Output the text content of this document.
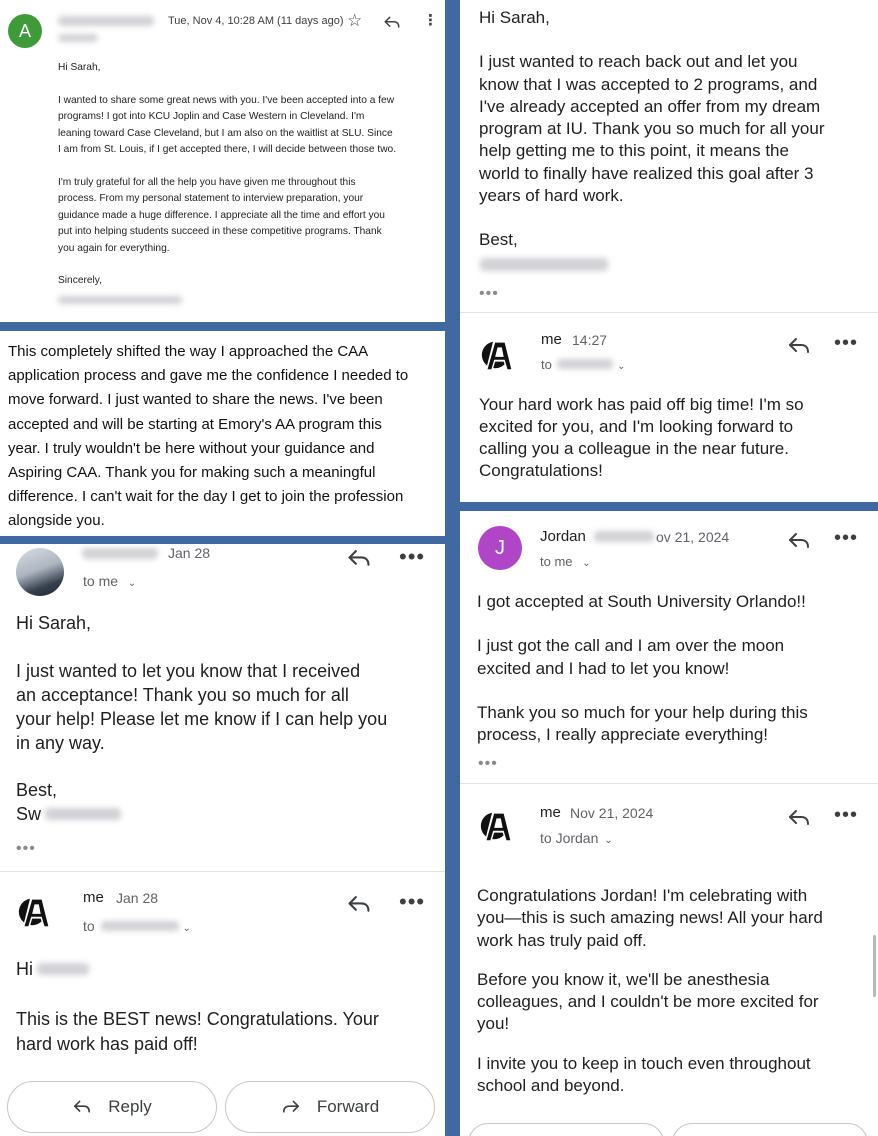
A	Tue, Nov 4, 10:28 AM (11 days ago) ☆	⋮

Hi Sarah,

I wanted to share some great news with you. I've been accepted into a few

programs! I got into KCU Joplin and Case Western in Cleveland. I'm

leaning toward Case Cleveland, but I am also on the waitlist at SLU. Since

I am from St. Louis, if I get accepted there, I will decide between those two.

I'm truly grateful for all the help you have given me throughout this

process. From my personal statement to interview preparation, your

guidance made a huge difference. I appreciate all the time and effort you

put into helping students succeed in these competitive programs. Thank

you again for everything.

Sincerely,

This completely shifted the way I approached the CAA

application process and gave me the confidence I needed to

move forward. I just wanted to share the news. I've been

accepted and will be starting at Emory's AA program this

year. I truly wouldn't be here without your guidance and

Aspiring CAA. Thank you for making such a meaningful

difference. I can't wait for the day I get to join the profession

alongside you.

Jan 28
to me ⌄
•••

Hi Sarah,

I just wanted to let you know that I received

an acceptance! Thank you so much for all

your help! Please let me know if I can help you

in any way.

Best,

Sw

•••
me Jan 28
to	⌄
•••

Hi

This is the BEST news! Congratulations. Your

hard work has paid off!

Reply	Forward

Hi Sarah,

I just wanted to reach back out and let you

know that I was accepted to 2 programs, and

I've already accepted an offer from my dream

program at IU. Thank you so much for all your

help getting me to this point, it means the

world to finally have realized this goal after 3

years of hard work.

Best,

•••
me 14:27
to	⌄
•••

Your hard work has paid off big time! I'm so

excited for you, and I'm looking forward to

calling you a colleague in the near future.

Congratulations!

J Jordan	ov 21, 2024
to me ⌄
•••

I got accepted at South University Orlando!!

I just got the call and I am over the moon

excited and I had to let you know!

Thank you so much for your help during this

process, I really appreciate everything!

•••
me Nov 21, 2024
to Jordan ⌄
•••

Congratulations Jordan! I'm celebrating with

you—this is such amazing news! All your hard

work has truly paid off.

Before you know it, we'll be anesthesia

colleagues, and I couldn't be more excited for

you!

I invite you to keep in touch even throughout

school and beyond.
